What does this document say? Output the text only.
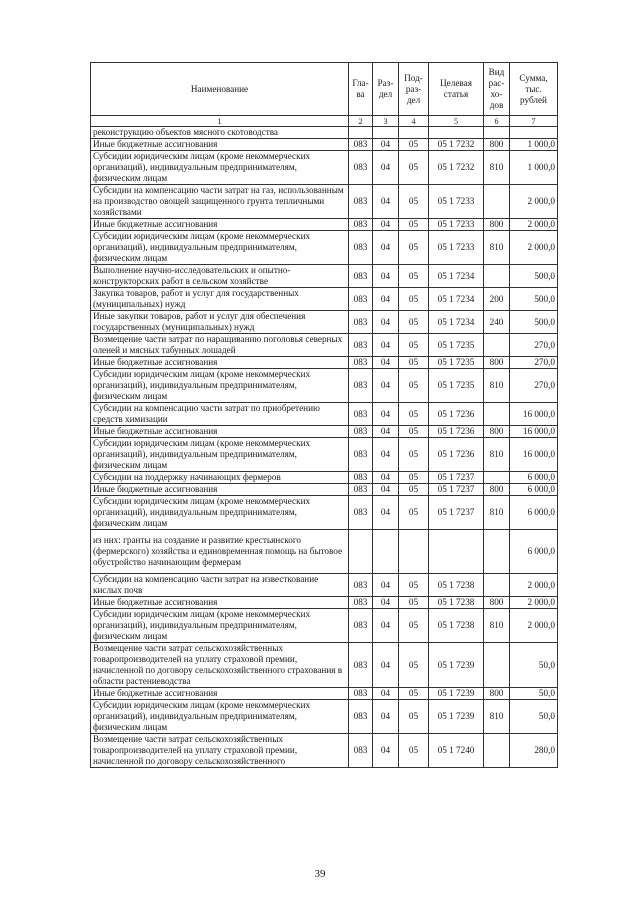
Наименование	Гла-ва	Раз-дел	Под-раз-дел	Целевая статья	Вид рас-хо-дов	Сумма, тыс. рублей
1	2	3	4	5	6	7
реконструкцию объектов мясного скотоводства						
Иные бюджетные ассигнования	083	04	05	05 1 7232	800	1 000,0
Субсидии юридическим лицам (кроме некоммерческих организаций), индивидуальным предпринимателям, физическим лицам	083	04	05	05 1 7232	810	1 000,0
Субсидии на компенсацию части затрат на газ, использованным на производство овощей защищенного грунта тепличными хозяйствами	083	04	05	05 1 7233		2 000,0
Иные бюджетные ассигнования	083	04	05	05 1 7233	800	2 000,0
Субсидии юридическим лицам (кроме некоммерческих организаций), индивидуальным предпринимателям, физическим лицам	083	04	05	05 1 7233	810	2 000,0
Выполнение научно-исследовательских и опытно-конструкторских работ в сельском хозяйстве	083	04	05	05 1 7234		500,0
Закупка товаров, работ и услуг для государственных (муниципальных) нужд	083	04	05	05 1 7234	200	500,0
Иные закупки товаров, работ и услуг для обеспечения государственных (муниципальных) нужд	083	04	05	05 1 7234	240	500,0
Возмещение части затрат по наращиванию поголовья северных оленей и мясных табунных лошадей	083	04	05	05 1 7235		270,0
Иные бюджетные ассигнования	083	04	05	05 1 7235	800	270,0
Субсидии юридическим лицам (кроме некоммерческих организаций), индивидуальным предпринимателям, физическим лицам	083	04	05	05 1 7235	810	270,0
Субсидии на компенсацию части затрат по приобретению средств химизации	083	04	05	05 1 7236		16 000,0
Иные бюджетные ассигнования	083	04	05	05 1 7236	800	16 000,0
Субсидии юридическим лицам (кроме некоммерческих организаций), индивидуальным предпринимателям, физическим лицам	083	04	05	05 1 7236	810	16 000,0
Субсидии на поддержку начинающих фермеров	083	04	05	05 1 7237		6 000,0
Иные бюджетные ассигнования	083	04	05	05 1 7237	800	6 000,0
Субсидии юридическим лицам (кроме некоммерческих организаций), индивидуальным предпринимателям, физическим лицам	083	04	05	05 1 7237	810	6 000,0
из них: гранты на создание и развитие крестьянского (фермерского) хозяйства и единовременная помощь на бытовое обустройство начинающим фермерам						6 000,0
Субсидии на компенсацию части затрат на известкование кислых почв	083	04	05	05 1 7238		2 000,0
Иные бюджетные ассигнования	083	04	05	05 1 7238	800	2 000,0
Субсидии юридическим лицам (кроме некоммерческих организаций), индивидуальным предпринимателям, физическим лицам	083	04	05	05 1 7238	810	2 000,0
Возмещение части затрат сельскохозяйственных товаропроизводителей на уплату страховой премии, начисленной по договору сельскохозяйственного страхования в области растениеводства	083	04	05	05 1 7239		50,0
Иные бюджетные ассигнования	083	04	05	05 1 7239	800	50,0
Субсидии юридическим лицам (кроме некоммерческих организаций), индивидуальным предпринимателям, физическим лицам	083	04	05	05 1 7239	810	50,0
Возмещение части затрат сельскохозяйственных товаропроизводителей на уплату страховой премии, начисленной по договору сельскохозяйственного	083	04	05	05 1 7240		280,0
39
